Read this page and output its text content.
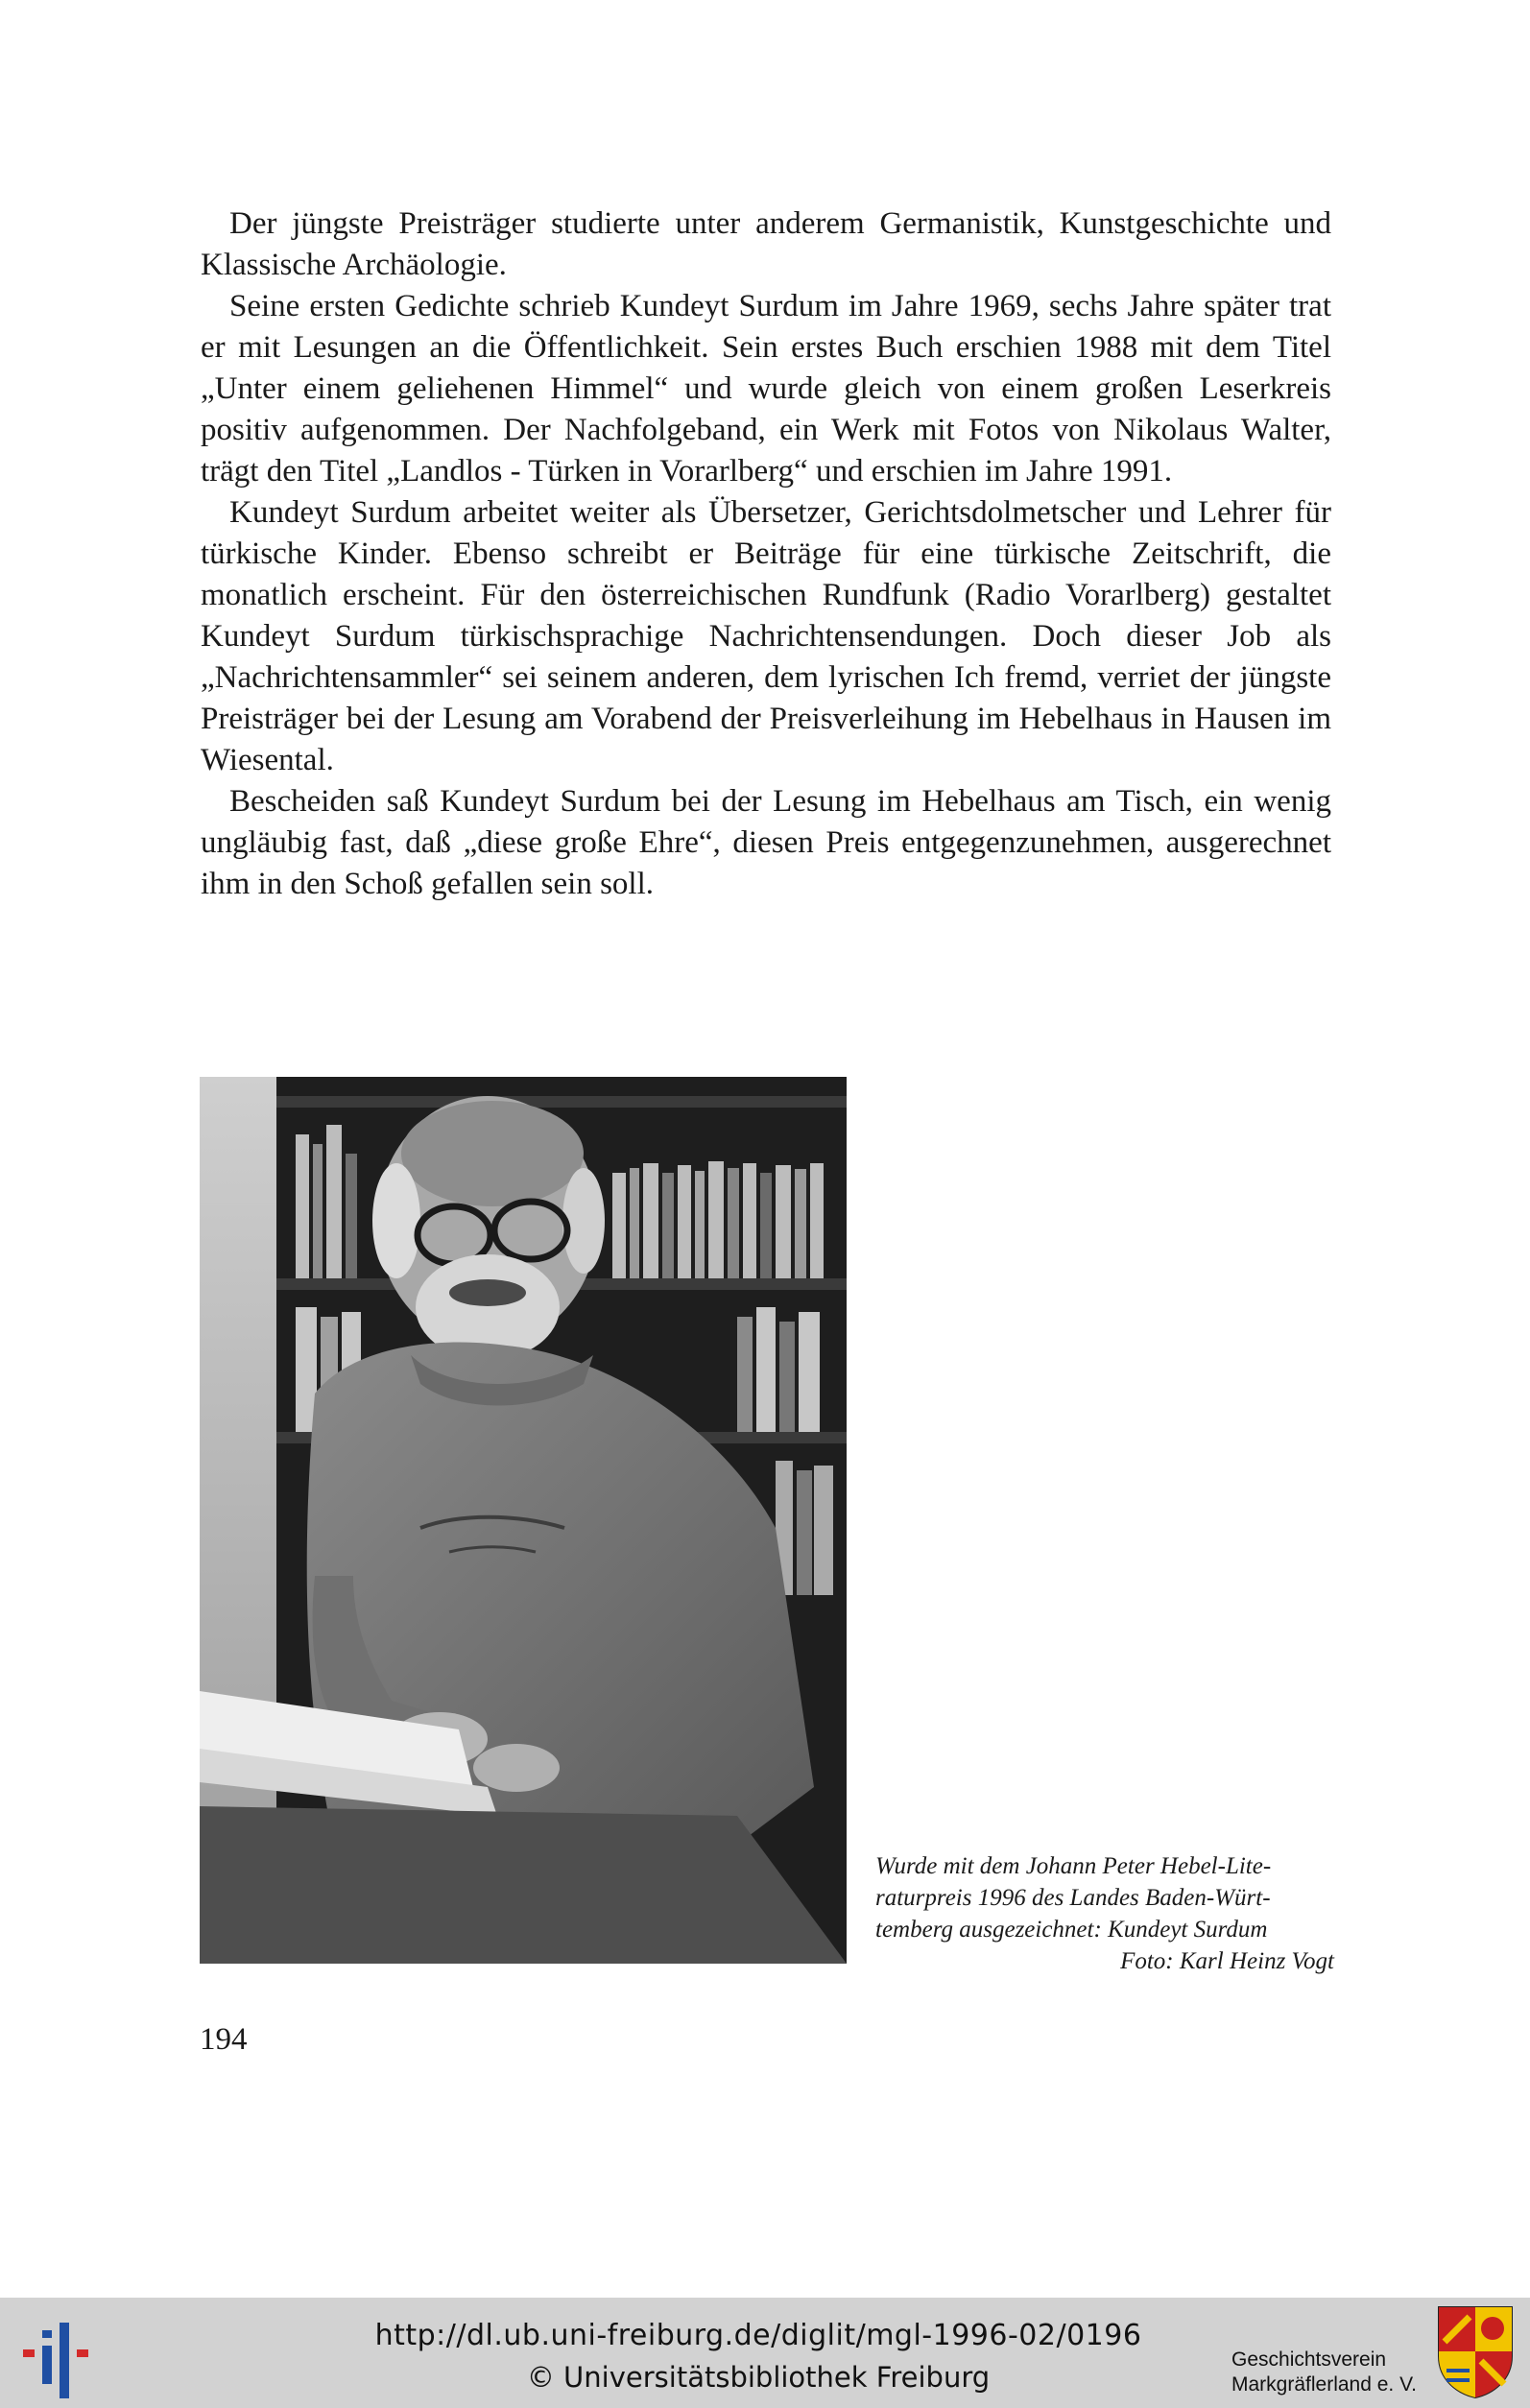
Der jüngste Preisträger studierte unter anderem Germanistik, Kunstgeschichte und Klassische Archäologie.

Seine ersten Gedichte schrieb Kundeyt Surdum im Jahre 1969, sechs Jahre später trat er mit Lesungen an die Öffentlichkeit. Sein erstes Buch erschien 1988 mit dem Titel „Unter einem geliehenen Himmel“ und wurde gleich von einem großen Leserkreis positiv aufgenommen. Der Nachfolgeband, ein Werk mit Fotos von Nikolaus Walter, trägt den Titel „Landlos - Türken in Vorarlberg“ und erschien im Jahre 1991.

Kundeyt Surdum arbeitet weiter als Übersetzer, Gerichtsdolmetscher und Lehrer für türkische Kinder. Ebenso schreibt er Beiträge für eine türkische Zeitschrift, die monatlich erscheint. Für den österreichischen Rundfunk (Radio Vorarlberg) gestaltet Kundeyt Surdum türkischsprachige Nachrichtensendungen. Doch dieser Job als „Nachrichtensammler“ sei seinem anderen, dem lyrischen Ich fremd, verriet der jüngste Preisträger bei der Lesung am Vorabend der Preisverleihung im Hebelhaus in Hausen im Wiesental.

Bescheiden saß Kundeyt Surdum bei der Lesung im Hebelhaus am Tisch, ein wenig ungläubig fast, daß „diese große Ehre“, diesen Preis entgegenzunehmen, ausgerechnet ihm in den Schoß gefallen sein soll.

Wurde mit dem Johann Peter Hebel-Lite-
raturpreis 1996 des Landes Baden-Würt-
temberg ausgezeichnet: Kundeyt Surdum
Foto: Karl Heinz Vogt
194
http://dl.ub.uni-freiburg.de/diglit/mgl-1996-02/0196
© Universitätsbibliothek Freiburg
Geschichtsverein
Markgräflerland e. V.
